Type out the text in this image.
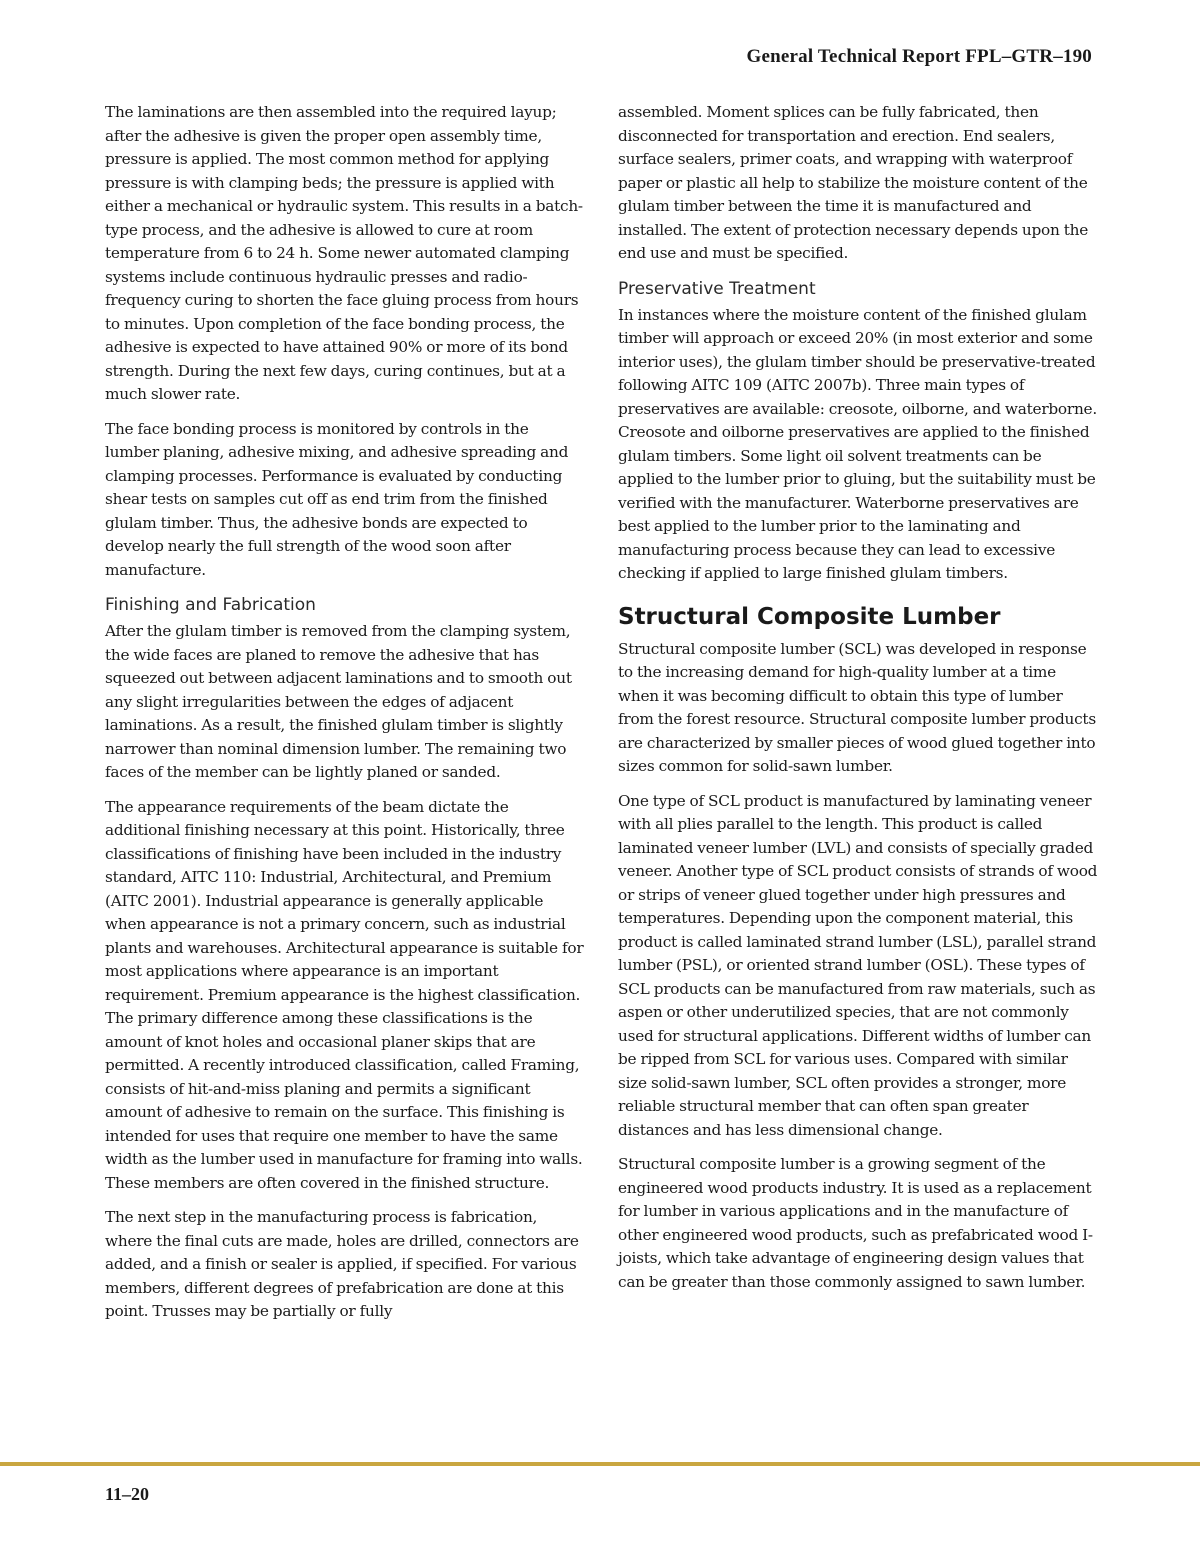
General Technical Report FPL–GTR–190

The laminations are then assembled into the required layup; after the adhesive is given the proper open assembly time, pressure is applied. The most common method for applying pressure is with clamping beds; the pressure is applied with either a mechanical or hydraulic system. This results in a batch-type process, and the adhesive is allowed to cure at room temperature from 6 to 24 h. Some newer automated clamping systems include continuous hydraulic presses and radio-frequency curing to shorten the face gluing process from hours to minutes. Upon completion of the face bonding process, the adhesive is expected to have attained 90% or more of its bond strength. During the next few days, curing continues, but at a much slower rate.

The face bonding process is monitored by controls in the lumber planing, adhesive mixing, and adhesive spreading and clamping processes. Performance is evaluated by conducting shear tests on samples cut off as end trim from the finished glulam timber. Thus, the adhesive bonds are expected to develop nearly the full strength of the wood soon after manufacture.

Finishing and Fabrication

After the glulam timber is removed from the clamping system, the wide faces are planed to remove the adhesive that has squeezed out between adjacent laminations and to smooth out any slight irregularities between the edges of adjacent laminations. As a result, the finished glulam timber is slightly narrower than nominal dimension lumber. The remaining two faces of the member can be lightly planed or sanded.

The appearance requirements of the beam dictate the additional finishing necessary at this point. Historically, three classifications of finishing have been included in the industry standard, AITC 110: Industrial, Architectural, and Premium (AITC 2001). Industrial appearance is generally applicable when appearance is not a primary concern, such as industrial plants and warehouses. Architectural appearance is suitable for most applications where appearance is an important requirement. Premium appearance is the highest classification. The primary difference among these classifications is the amount of knot holes and occasional planer skips that are permitted. A recently introduced classification, called Framing, consists of hit-and-miss planing and permits a significant amount of adhesive to remain on the surface. This finishing is intended for uses that require one member to have the same width as the lumber used in manufacture for framing into walls. These members are often covered in the finished structure.

The next step in the manufacturing process is fabrication, where the final cuts are made, holes are drilled, connectors are added, and a finish or sealer is applied, if specified. For various members, different degrees of prefabrication are done at this point. Trusses may be partially or fully

assembled. Moment splices can be fully fabricated, then disconnected for transportation and erection. End sealers, surface sealers, primer coats, and wrapping with waterproof paper or plastic all help to stabilize the moisture content of the glulam timber between the time it is manufactured and installed. The extent of protection necessary depends upon the end use and must be specified.

Preservative Treatment

In instances where the moisture content of the finished glulam timber will approach or exceed 20% (in most exterior and some interior uses), the glulam timber should be preservative-treated following AITC 109 (AITC 2007b). Three main types of preservatives are available: creosote, oilborne, and waterborne. Creosote and oilborne preservatives are applied to the finished glulam timbers. Some light oil solvent treatments can be applied to the lumber prior to gluing, but the suitability must be verified with the manufacturer. Waterborne preservatives are best applied to the lumber prior to the laminating and manufacturing process because they can lead to excessive checking if applied to large finished glulam timbers.

Structural Composite Lumber

Structural composite lumber (SCL) was developed in response to the increasing demand for high-quality lumber at a time when it was becoming difficult to obtain this type of lumber from the forest resource. Structural composite lumber products are characterized by smaller pieces of wood glued together into sizes common for solid-sawn lumber.

One type of SCL product is manufactured by laminating veneer with all plies parallel to the length. This product is called laminated veneer lumber (LVL) and consists of specially graded veneer. Another type of SCL product consists of strands of wood or strips of veneer glued together under high pressures and temperatures. Depending upon the component material, this product is called laminated strand lumber (LSL), parallel strand lumber (PSL), or oriented strand lumber (OSL). These types of SCL products can be manufactured from raw materials, such as aspen or other underutilized species, that are not commonly used for structural applications. Different widths of lumber can be ripped from SCL for various uses. Compared with similar size solid-sawn lumber, SCL often provides a stronger, more reliable structural member that can often span greater distances and has less dimensional change.

Structural composite lumber is a growing segment of the engineered wood products industry. It is used as a replacement for lumber in various applications and in the manufacture of other engineered wood products, such as prefabricated wood I-joists, which take advantage of engineering design values that can be greater than those commonly assigned to sawn lumber.

11–20
